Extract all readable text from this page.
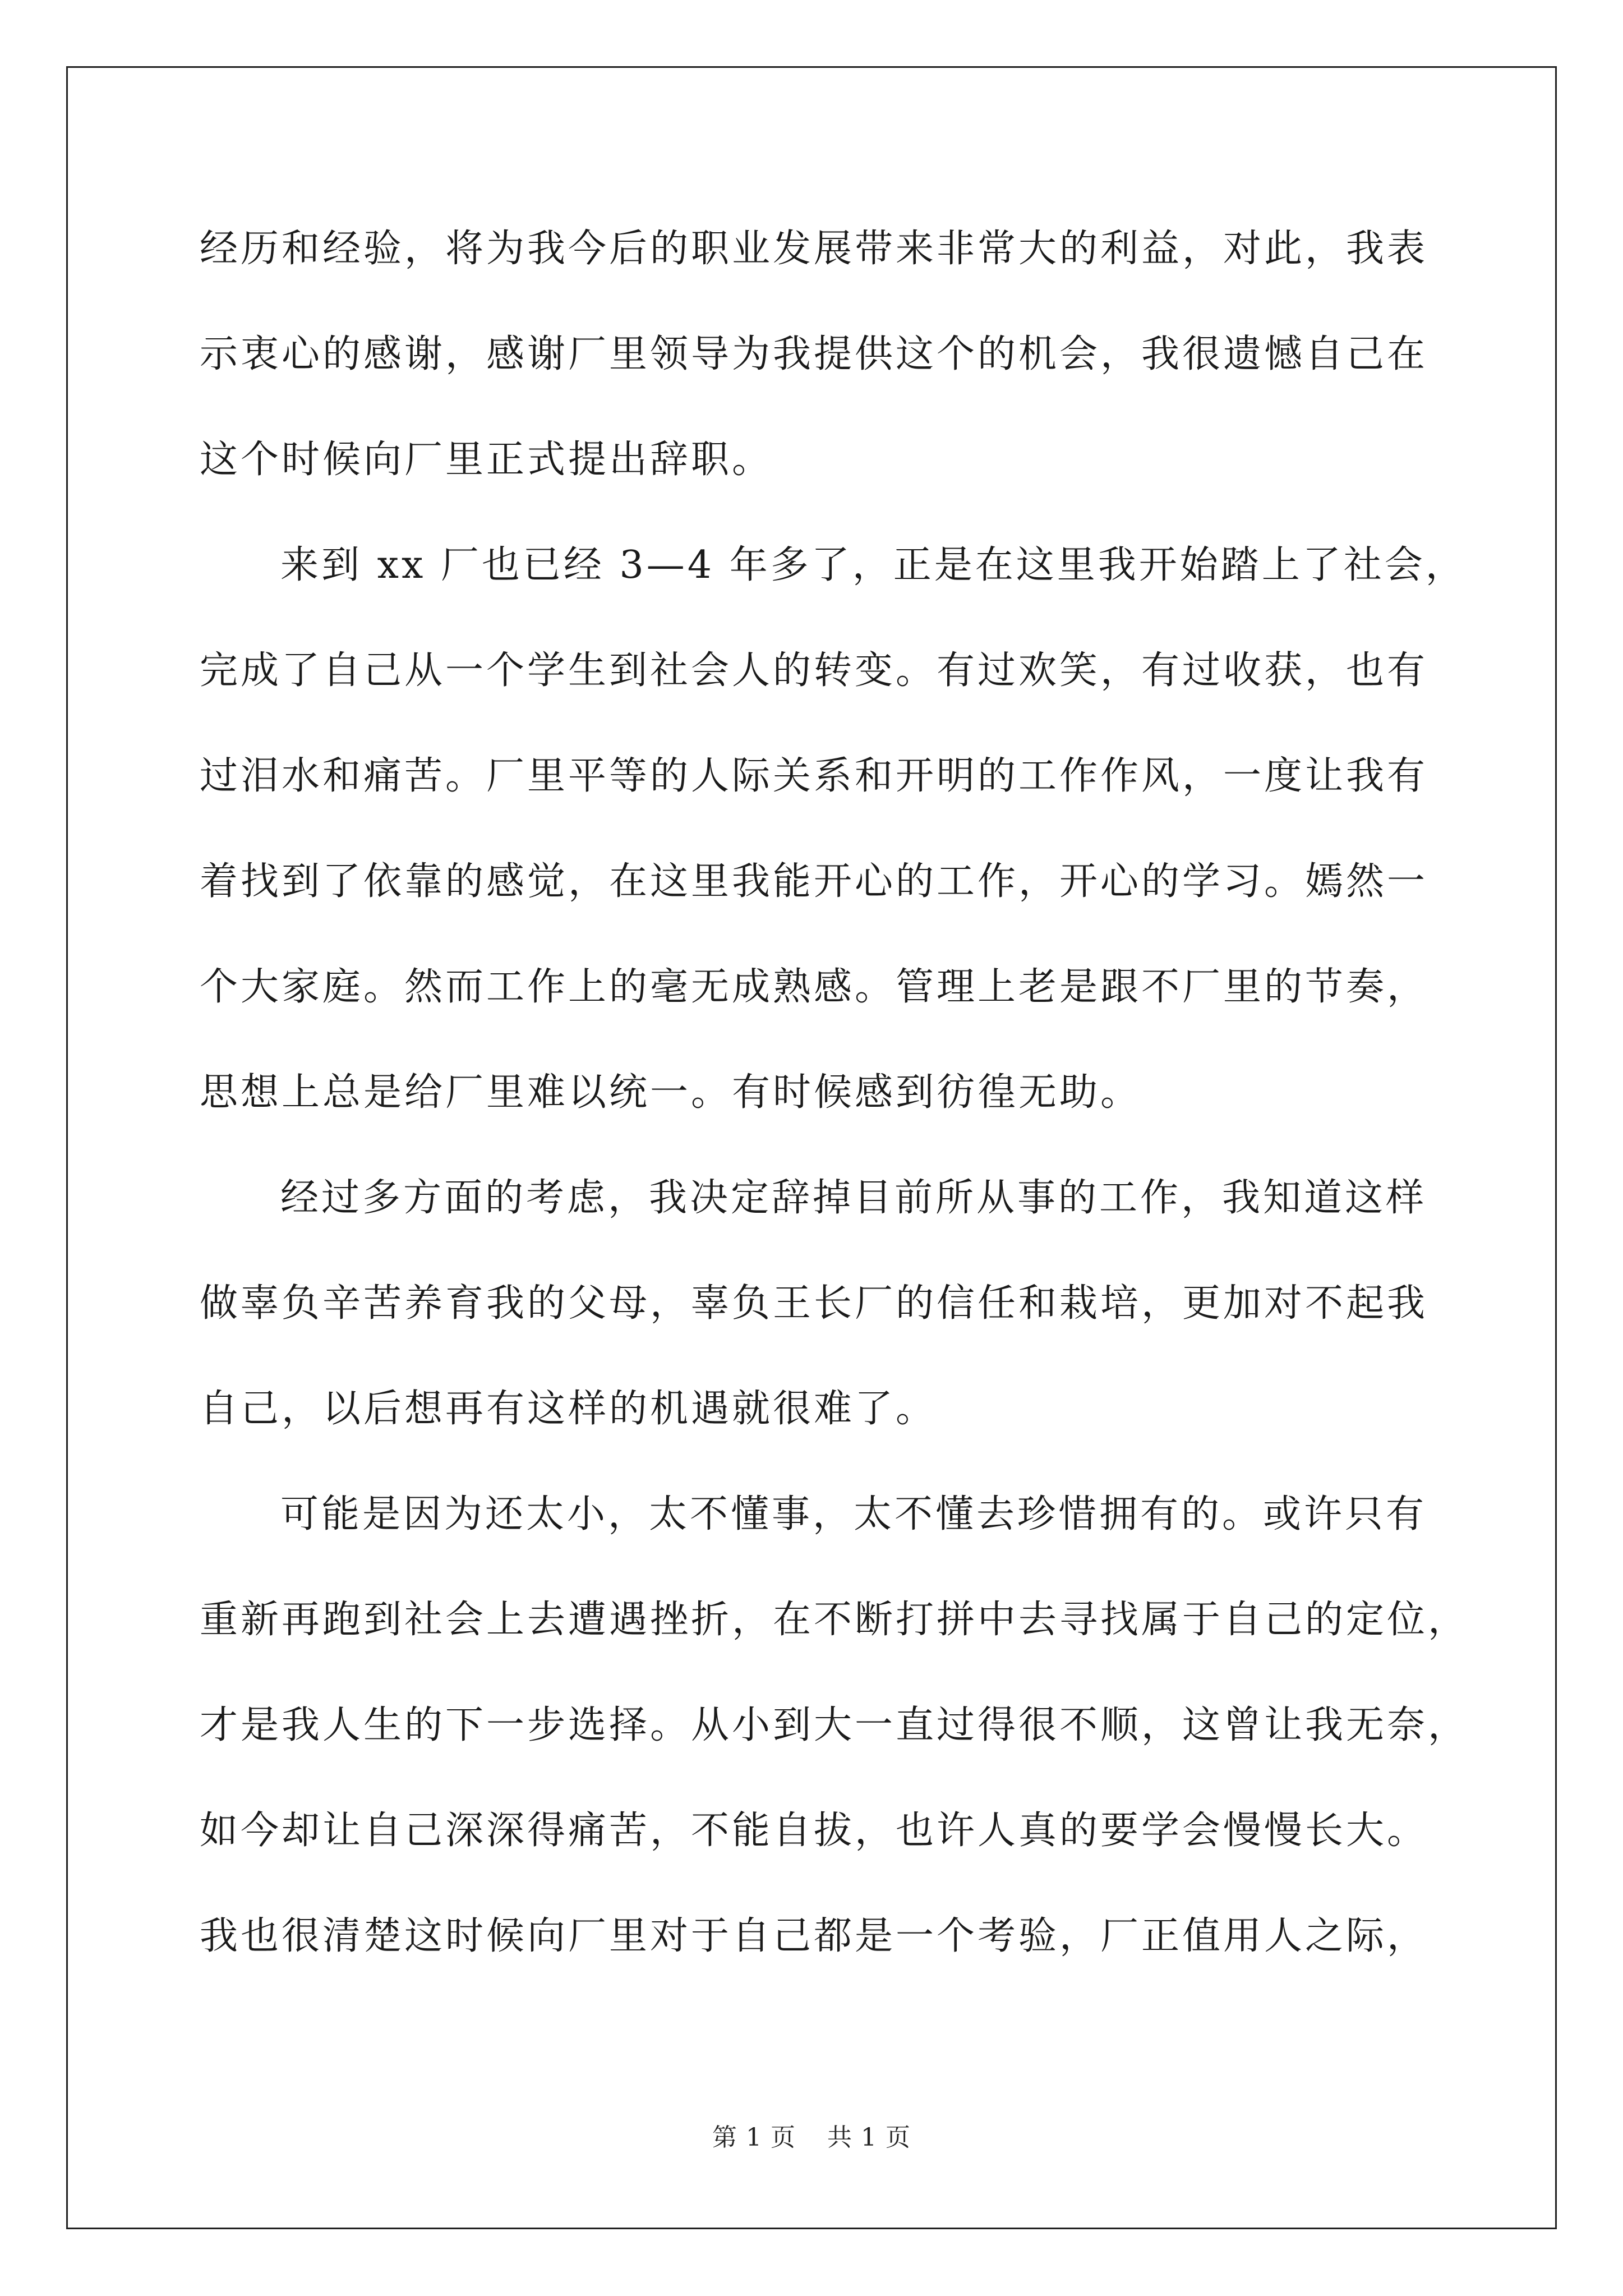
经历和经验，将为我今后的职业发展带来非常大的利益，对此，我表

示衷心的感谢，感谢厂里领导为我提供这个的机会，我很遗憾自己在

这个时候向厂里正式提出辞职。

来到 xx 厂也已经 3—4 年多了，正是在这里我开始踏上了社会，

完成了自己从一个学生到社会人的转变。有过欢笑，有过收获，也有

过泪水和痛苦。厂里平等的人际关系和开明的工作作风，一度让我有

着找到了依靠的感觉，在这里我能开心的工作，开心的学习。嫣然一

个大家庭。然而工作上的毫无成熟感。管理上老是跟不厂里的节奏，

思想上总是给厂里难以统一。有时候感到彷徨无助。

经过多方面的考虑，我决定辞掉目前所从事的工作，我知道这样

做辜负辛苦养育我的父母，辜负王长厂的信任和栽培，更加对不起我

自己，以后想再有这样的机遇就很难了。

可能是因为还太小，太不懂事，太不懂去珍惜拥有的。或许只有

重新再跑到社会上去遭遇挫折，在不断打拼中去寻找属于自己的定位，

才是我人生的下一步选择。从小到大一直过得很不顺，这曾让我无奈，

如今却让自己深深得痛苦，不能自拔，也许人真的要学会慢慢长大。

我也很清楚这时候向厂里对于自己都是一个考验，厂正值用人之际，

第 1 页 共 1 页
